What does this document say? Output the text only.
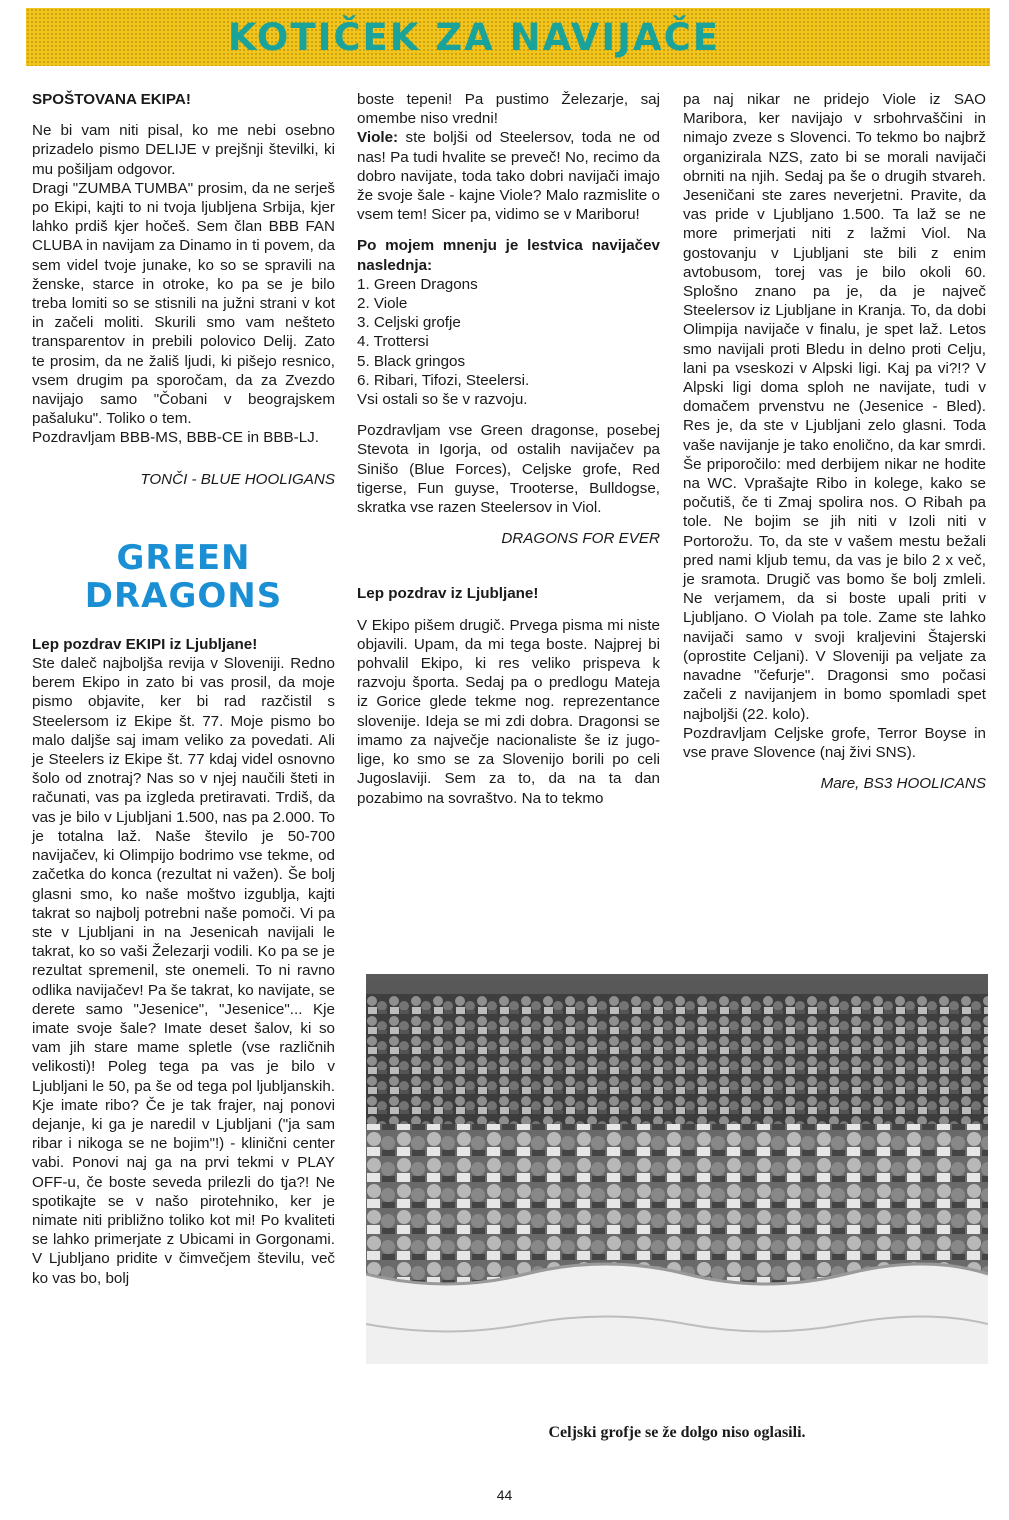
KOTIČEK ZA NAVIJAČE

SPOŠTOVANA EKIPA!

Ne bi vam niti pisal, ko me nebi osebno prizadelo pismo DELIJE v prejšnji številki, ki mu pošiljam odgovor.

Dragi "ZUMBA TUMBA" prosim, da ne serješ po Ekipi, kajti to ni tvoja ljubljena Srbija, kjer lahko prdiš kjer hočeš. Sem član BBB FAN CLUBA in navijam za Dinamo in ti povem, da sem videl tvoje junake, ko so se spravili na ženske, starce in otroke, ko pa se je bilo treba lomiti so se stisnili na južni strani v kot in začeli moliti. Skurili smo vam nešteto transparentov in prebili polovico Delij. Zato te prosim, da ne žališ ljudi, ki pišejo resnico, vsem drugim pa sporočam, da za Zvezdo navijajo samo "Čobani v beograjskem pašaluku". Toliko o tem.

Pozdravljam BBB-MS, BBB-CE in BBB-LJ.

TONČI - BLUE HOOLIGANS

GREEN
DRAGONS

Lep pozdrav EKIPI iz Ljubljane!

Ste daleč najboljša revija v Sloveniji. Redno berem Ekipo in zato bi vas prosil, da moje pismo objavite, ker bi rad razčistil s Steelersom iz Ekipe št. 77. Moje pismo bo malo daljše saj imam veliko za povedati. Ali je Steelers iz Ekipe št. 77 kdaj videl osnovno šolo od znotraj? Nas so v njej naučili šteti in računati, vas pa izgleda pretiravati. Trdiš, da vas je bilo v Ljubljani 1.500, nas pa 2.000. To je totalna laž. Naše število je 50-700 navijačev, ki Olimpijo bodrimo vse tekme, od začetka do konca (rezultat ni važen). Še bolj glasni smo, ko naše moštvo izgublja, kajti takrat so najbolj potrebni naše pomoči. Vi pa ste v Ljubljani in na Jesenicah navijali le takrat, ko so vaši Železarji vodili. Ko pa se je rezultat spremenil, ste onemeli. To ni ravno odlika navijačev! Pa še takrat, ko navijate, se derete samo "Jesenice", "Jesenice"... Kje imate svoje šale? Imate deset šalov, ki so vam jih stare mame spletle (vse različnih velikosti)! Poleg tega pa vas je bilo v Ljubljani le 50, pa še od tega pol ljubljanskih. Kje imate ribo? Če je tak frajer, naj ponovi dejanje, ki ga je naredil v Ljubljani ("ja sam ribar i nikoga se ne bojim"!) - klinični center vabi. Ponovi naj ga na prvi tekmi v PLAY OFF-u, če boste seveda prilezli do tja?! Ne spotikajte se v našo pirotehniko, ker je nimate niti približno toliko kot mi! Po kvaliteti se lahko primerjate z Ubicami in Gorgonami. V Ljubljano pridite v čimvečjem številu, več ko vas bo, bolj

boste tepeni! Pa pustimo Železarje, saj omembe niso vredni!

Viole: ste boljši od Steelersov, toda ne od nas! Pa tudi hvalite se preveč! No, recimo da dobro navijate, toda tako dobri navijači imajo že svoje šale - kajne Viole? Malo razmislite o vsem tem! Sicer pa, vidimo se v Mariboru!

Po mojem mnenju je lestvica navijačev naslednja:

1. Green Dragons
2. Viole
3. Celjski grofje
4. Trottersi
5. Black gringos
6. Ribari, Tifozi, Steelersi.

Vsi ostali so še v razvoju.

Pozdravljam vse Green dragonse, posebej Stevota in Igorja, od ostalih navijačev pa Sinišo (Blue Forces), Celjske grofe, Red tigerse, Fun guyse, Trooterse, Bulldogse, skratka vse razen Steelersov in Viol.

DRAGONS FOR EVER

Lep pozdrav iz Ljubljane!

V Ekipo pišem drugič. Prvega pisma mi niste objavili. Upam, da mi tega boste. Najprej bi pohvalil Ekipo, ki res veliko prispeva k razvoju športa. Sedaj pa o predlogu Mateja iz Gorice glede tekme nog. reprezentance slovenije. Ideja se mi zdi dobra. Dragonsi se imamo za največje nacionaliste še iz jugo-lige, ko smo se za Slovenijo borili po celi Jugoslaviji. Sem za to, da na ta dan pozabimo na sovraštvo. Na to tekmo

pa naj nikar ne pridejo Viole iz SAO Maribora, ker navijajo v srbohrvaščini in nimajo zveze s Slovenci. To tekmo bo najbrž organizirala NZS, zato bi se morali navijači obrniti na njih. Sedaj pa še o drugih stvareh. Jeseničani ste zares neverjetni. Pravite, da vas pride v Ljubljano 1.500. Ta laž se ne more primerjati niti z lažmi Viol. Na gostovanju v Ljubljani ste bili z enim avtobusom, torej vas je bilo okoli 60. Splošno znano pa je, da je največ Steelersov iz Ljubljane in Kranja. To, da dobi Olimpija navijače v finalu, je spet laž. Letos smo navijali proti Bledu in delno proti Celju, lani pa vseskozi v Alpski ligi. Kaj pa vi?!? V Alpski ligi doma sploh ne navijate, tudi v domačem prvenstvu ne (Jesenice - Bled). Res je, da ste v Ljubljani zelo glasni. Toda vaše navijanje je tako enolično, da kar smrdi. Še priporočilo: med derbijem nikar ne hodite na WC. Vprašajte Ribo in kolege, kako se počutiš, če ti Zmaj spolira nos. O Ribah pa tole. Ne bojim se jih niti v Izoli niti v Portorožu. To, da ste v vašem mestu bežali pred nami kljub temu, da vas je bilo 2 x več, je sramota. Drugič vas bomo še bolj zmleli. Ne verjamem, da si boste upali priti v Ljubljano. O Violah pa tole. Zame ste lahko navijači samo v svoji kraljevini Štajerski (oprostite Celjani). V Sloveniji pa veljate za navadne "čefurje". Dragonsi smo počasi začeli z navijanjem in bomo spomladi spet najboljši (22. kolo).

Pozdravljam Celjske grofe, Terror Boyse in vse prave Slovence (naj živi SNS).

Mare, BS3 HOOLICANS

Celjski grofje se že dolgo niso oglasili.
44
